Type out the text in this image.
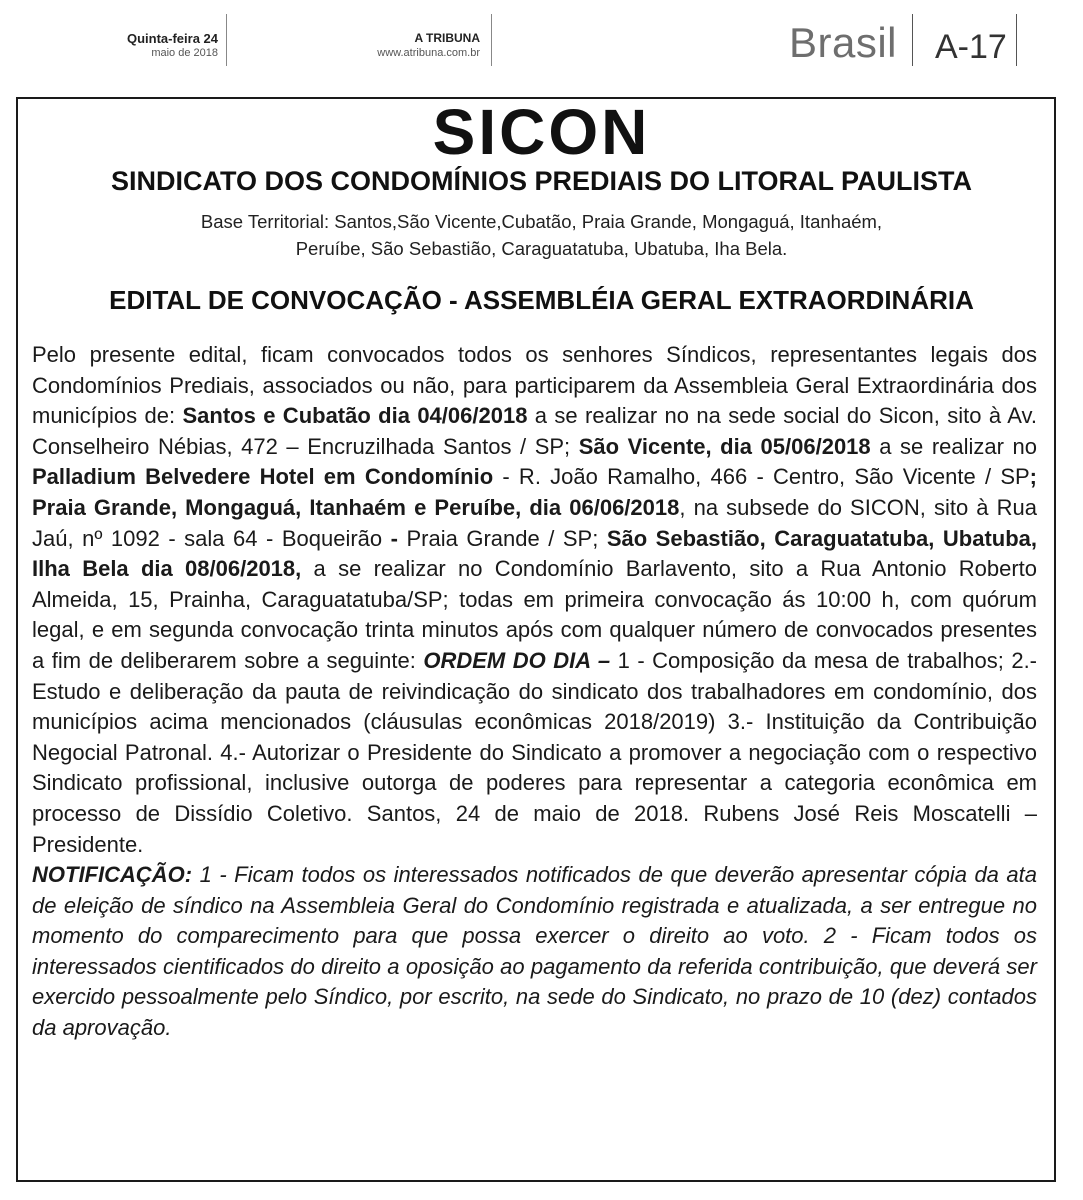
Quinta-feira 24
maio de 2018
A TRIBUNA
www.atribuna.com.br	Brasil A-17
SICON
SINDICATO DOS CONDOMÍNIOS PREDIAIS DO LITORAL PAULISTA
Base Territorial: Santos,São Vicente,Cubatão, Praia Grande, Mongaguá, Itanhaém,
Peruíbe, São Sebastião, Caraguatatuba, Ubatuba, Iha Bela.
EDITAL DE CONVOCAÇÃO - ASSEMBLÉIA GERAL EXTRAORDINÁRIA
Pelo presente edital, ficam convocados todos os senhores Síndicos, representantes legais dos Condomínios Prediais, associados ou não, para participarem da Assembleia Geral Extraordinária dos municípios de: Santos e Cubatão dia 04/06/2018 a se realizar no na sede social do Sicon, sito à Av. Conselheiro Nébias, 472 – Encruzilhada Santos / SP; São Vicente, dia 05/06/2018 a se realizar no Palladium Belvedere Hotel em Condomínio - R. João Ramalho, 466 - Centro, São Vicente / SP; Praia Grande, Mongaguá, Itanhaém e Peruíbe, dia 06/06/2018, na subsede do SICON, sito à Rua Jaú, nº 1092 - sala 64 - Boqueirão - Praia Grande / SP; São Sebastião, Caraguatatuba, Ubatuba, Ilha Bela dia 08/06/2018, a se realizar no Condomínio Barlavento, sito a Rua Antonio Roberto Almeida, 15, Prainha, Caraguatatuba/SP; todas em primeira convocação ás 10:00 h, com quórum legal, e em segunda convocação trinta minutos após com qualquer número de convocados presentes a fim de deliberarem sobre a seguinte: ORDEM DO DIA – 1 - Composição da mesa de trabalhos; 2.- Estudo e deliberação da pauta de reivindicação do sindicato dos trabalhadores em condomínio, dos municípios acima mencionados (cláusulas econômicas 2018/2019) 3.- Instituição da Contribuição Negocial Patronal. 4.- Autorizar o Presidente do Sindicato a promover a negociação com o respectivo Sindicato profissional, inclusive outorga de poderes para representar a categoria econômica em processo de Dissídio Coletivo. Santos, 24 de maio de 2018. Rubens José Reis Moscatelli – Presidente.
NOTIFICAÇÃO: 1 - Ficam todos os interessados notificados de que deverão apresentar cópia da ata de eleição de síndico na Assembleia Geral do Condomínio registrada e atualizada, a ser entregue no momento do comparecimento para que possa exercer o direito ao voto. 2 - Ficam todos os interessados cientificados do direito a oposição ao pagamento da referida contribuição, que deverá ser exercido pessoalmente pelo Síndico, por escrito, na sede do Sindicato, no prazo de 10 (dez) contados da aprovação.
